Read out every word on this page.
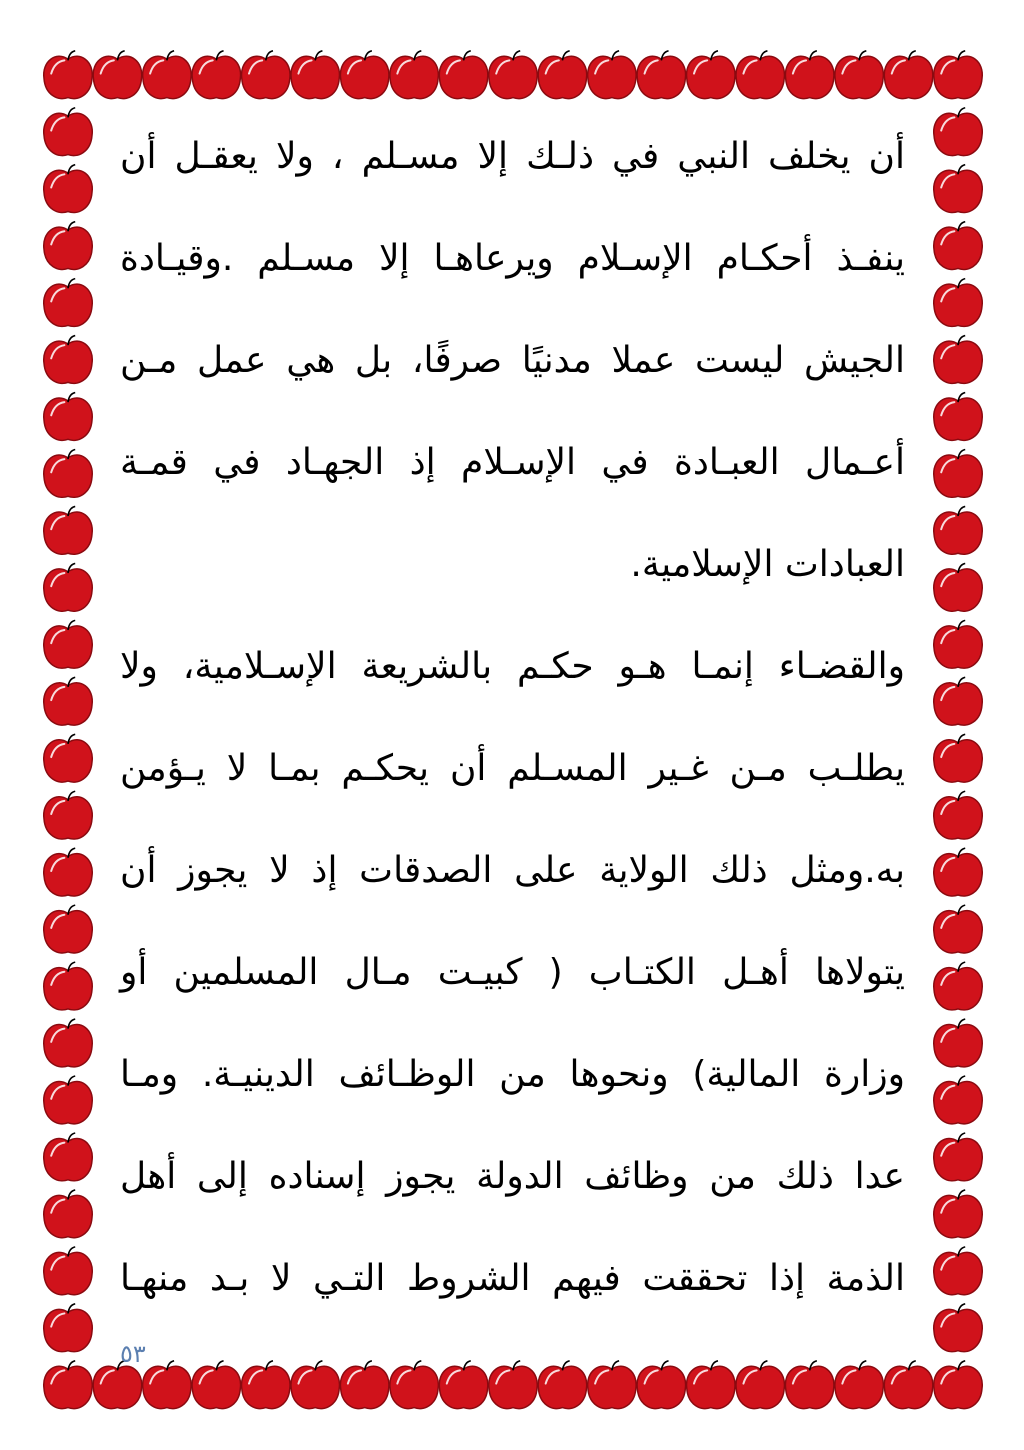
أن يخلف النبي في ذلـك إلا مسـلم ، ولا يعقـل أن
ينفـذ أحكـام الإسـلام ويرعاهـا إلا مسـلم .وقيـادة
الجيش ليست عملا مدنيًا صرفًا، بل هي عمل مـن
أعـمال العبـادة في الإسـلام إذ الجهـاد في قمـة
العبادات الإسلامية.
والقضـاء إنمـا هـو حكـم بالشريعة الإسـلامية، ولا
يطلـب مـن غـير المسـلم أن يحكـم بمـا لا يـؤمن
به.ومثل ذلك الولاية على الصدقات إذ لا يجوز أن
يتولاها أهـل الكتـاب ( كبيـت مـال المسلمين أو
وزارة المالية) ونحوها من الوظـائف الدينيـة. ومـا
عدا ذلك من وظائف الدولة يجوز إسناده إلى أهل
الذمة إذا تحققت فيهم الشروط التـي لا بـد منهـا
٥٣
